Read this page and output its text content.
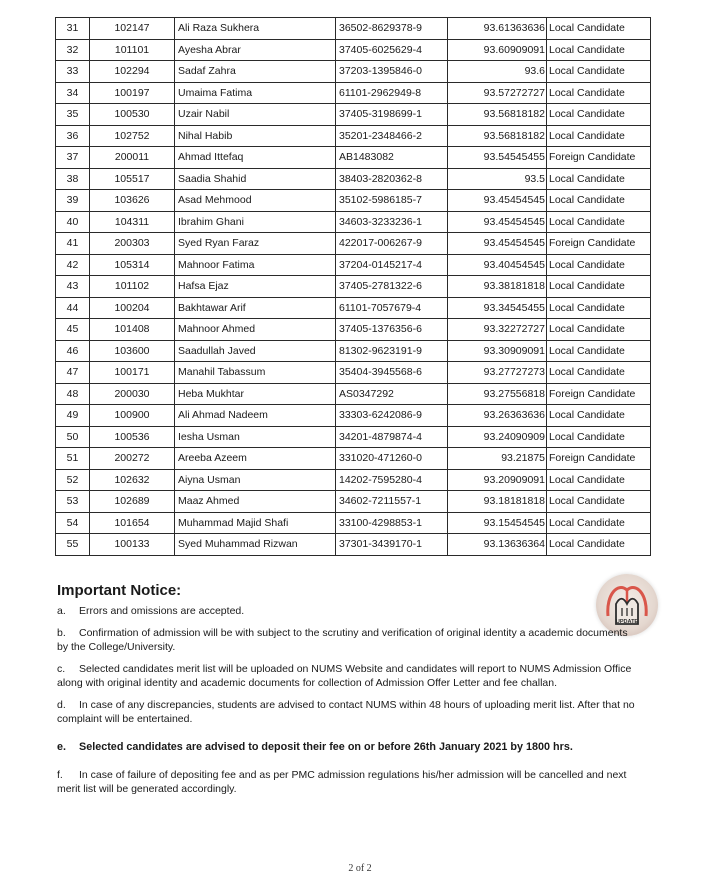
31	102147	Ali Raza Sukhera	36502-8629378-9	93.61363636	Local Candidate
32	101101	Ayesha Abrar	37405-6025629-4	93.60909091	Local Candidate
33	102294	Sadaf Zahra	37203-1395846-0	93.6	Local Candidate
34	100197	Umaima Fatima	61101-2962949-8	93.57272727	Local Candidate
35	100530	Uzair Nabil	37405-3198699-1	93.56818182	Local Candidate
36	102752	Nihal Habib	35201-2348466-2	93.56818182	Local Candidate
37	200011	Ahmad Ittefaq	AB1483082	93.54545455	Foreign Candidate
38	105517	Saadia Shahid	38403-2820362-8	93.5	Local Candidate
39	103626	Asad Mehmood	35102-5986185-7	93.45454545	Local Candidate
40	104311	Ibrahim Ghani	34603-3233236-1	93.45454545	Local Candidate
41	200303	Syed Ryan Faraz	422017-006267-9	93.45454545	Foreign Candidate
42	105314	Mahnoor Fatima	37204-0145217-4	93.40454545	Local Candidate
43	101102	Hafsa Ejaz	37405-2781322-6	93.38181818	Local Candidate
44	100204	Bakhtawar Arif	61101-7057679-4	93.34545455	Local Candidate
45	101408	Mahnoor Ahmed	37405-1376356-6	93.32272727	Local Candidate
46	103600	Saadullah Javed	81302-9623191-9	93.30909091	Local Candidate
47	100171	Manahil Tabassum	35404-3945568-6	93.27727273	Local Candidate
48	200030	Heba Mukhtar	AS0347292	93.27556818	Foreign Candidate
49	100900	Ali Ahmad Nadeem	33303-6242086-9	93.26363636	Local Candidate
50	100536	Iesha Usman	34201-4879874-4	93.24090909	Local Candidate
51	200272	Areeba Azeem	331020-471260-0	93.21875	Foreign Candidate
52	102632	Aiyna Usman	14202-7595280-4	93.20909091	Local Candidate
53	102689	Maaz Ahmed	34602-7211557-1	93.18181818	Local Candidate
54	101654	Muhammad Majid Shafi	33100-4298853-1	93.15454545	Local Candidate
55	100133	Syed Muhammad Rizwan	37301-3439170-1	93.13636364	Local Candidate
UPDATE
Important Notice:
a. Errors and omissions are accepted.
b. Confirmation of admission will be with subject to the scrutiny and verification of original identity a academic documents by the College/University.
c. Selected candidates merit list will be uploaded on NUMS Website and candidates will report to NUMS Admission Office along with original identity and academic documents for collection of Admission Offer Letter and fee challan.
d. In case of any discrepancies, students are advised to contact NUMS within 48 hours of uploading merit list. After that no complaint will be entertained.
e. Selected candidates are advised to deposit their fee on or before 26th January 2021 by 1800 hrs.
f. In case of failure of depositing fee and as per PMC admission regulations his/her admission will be cancelled and next merit list will be generated accordingly.
2 of 2
